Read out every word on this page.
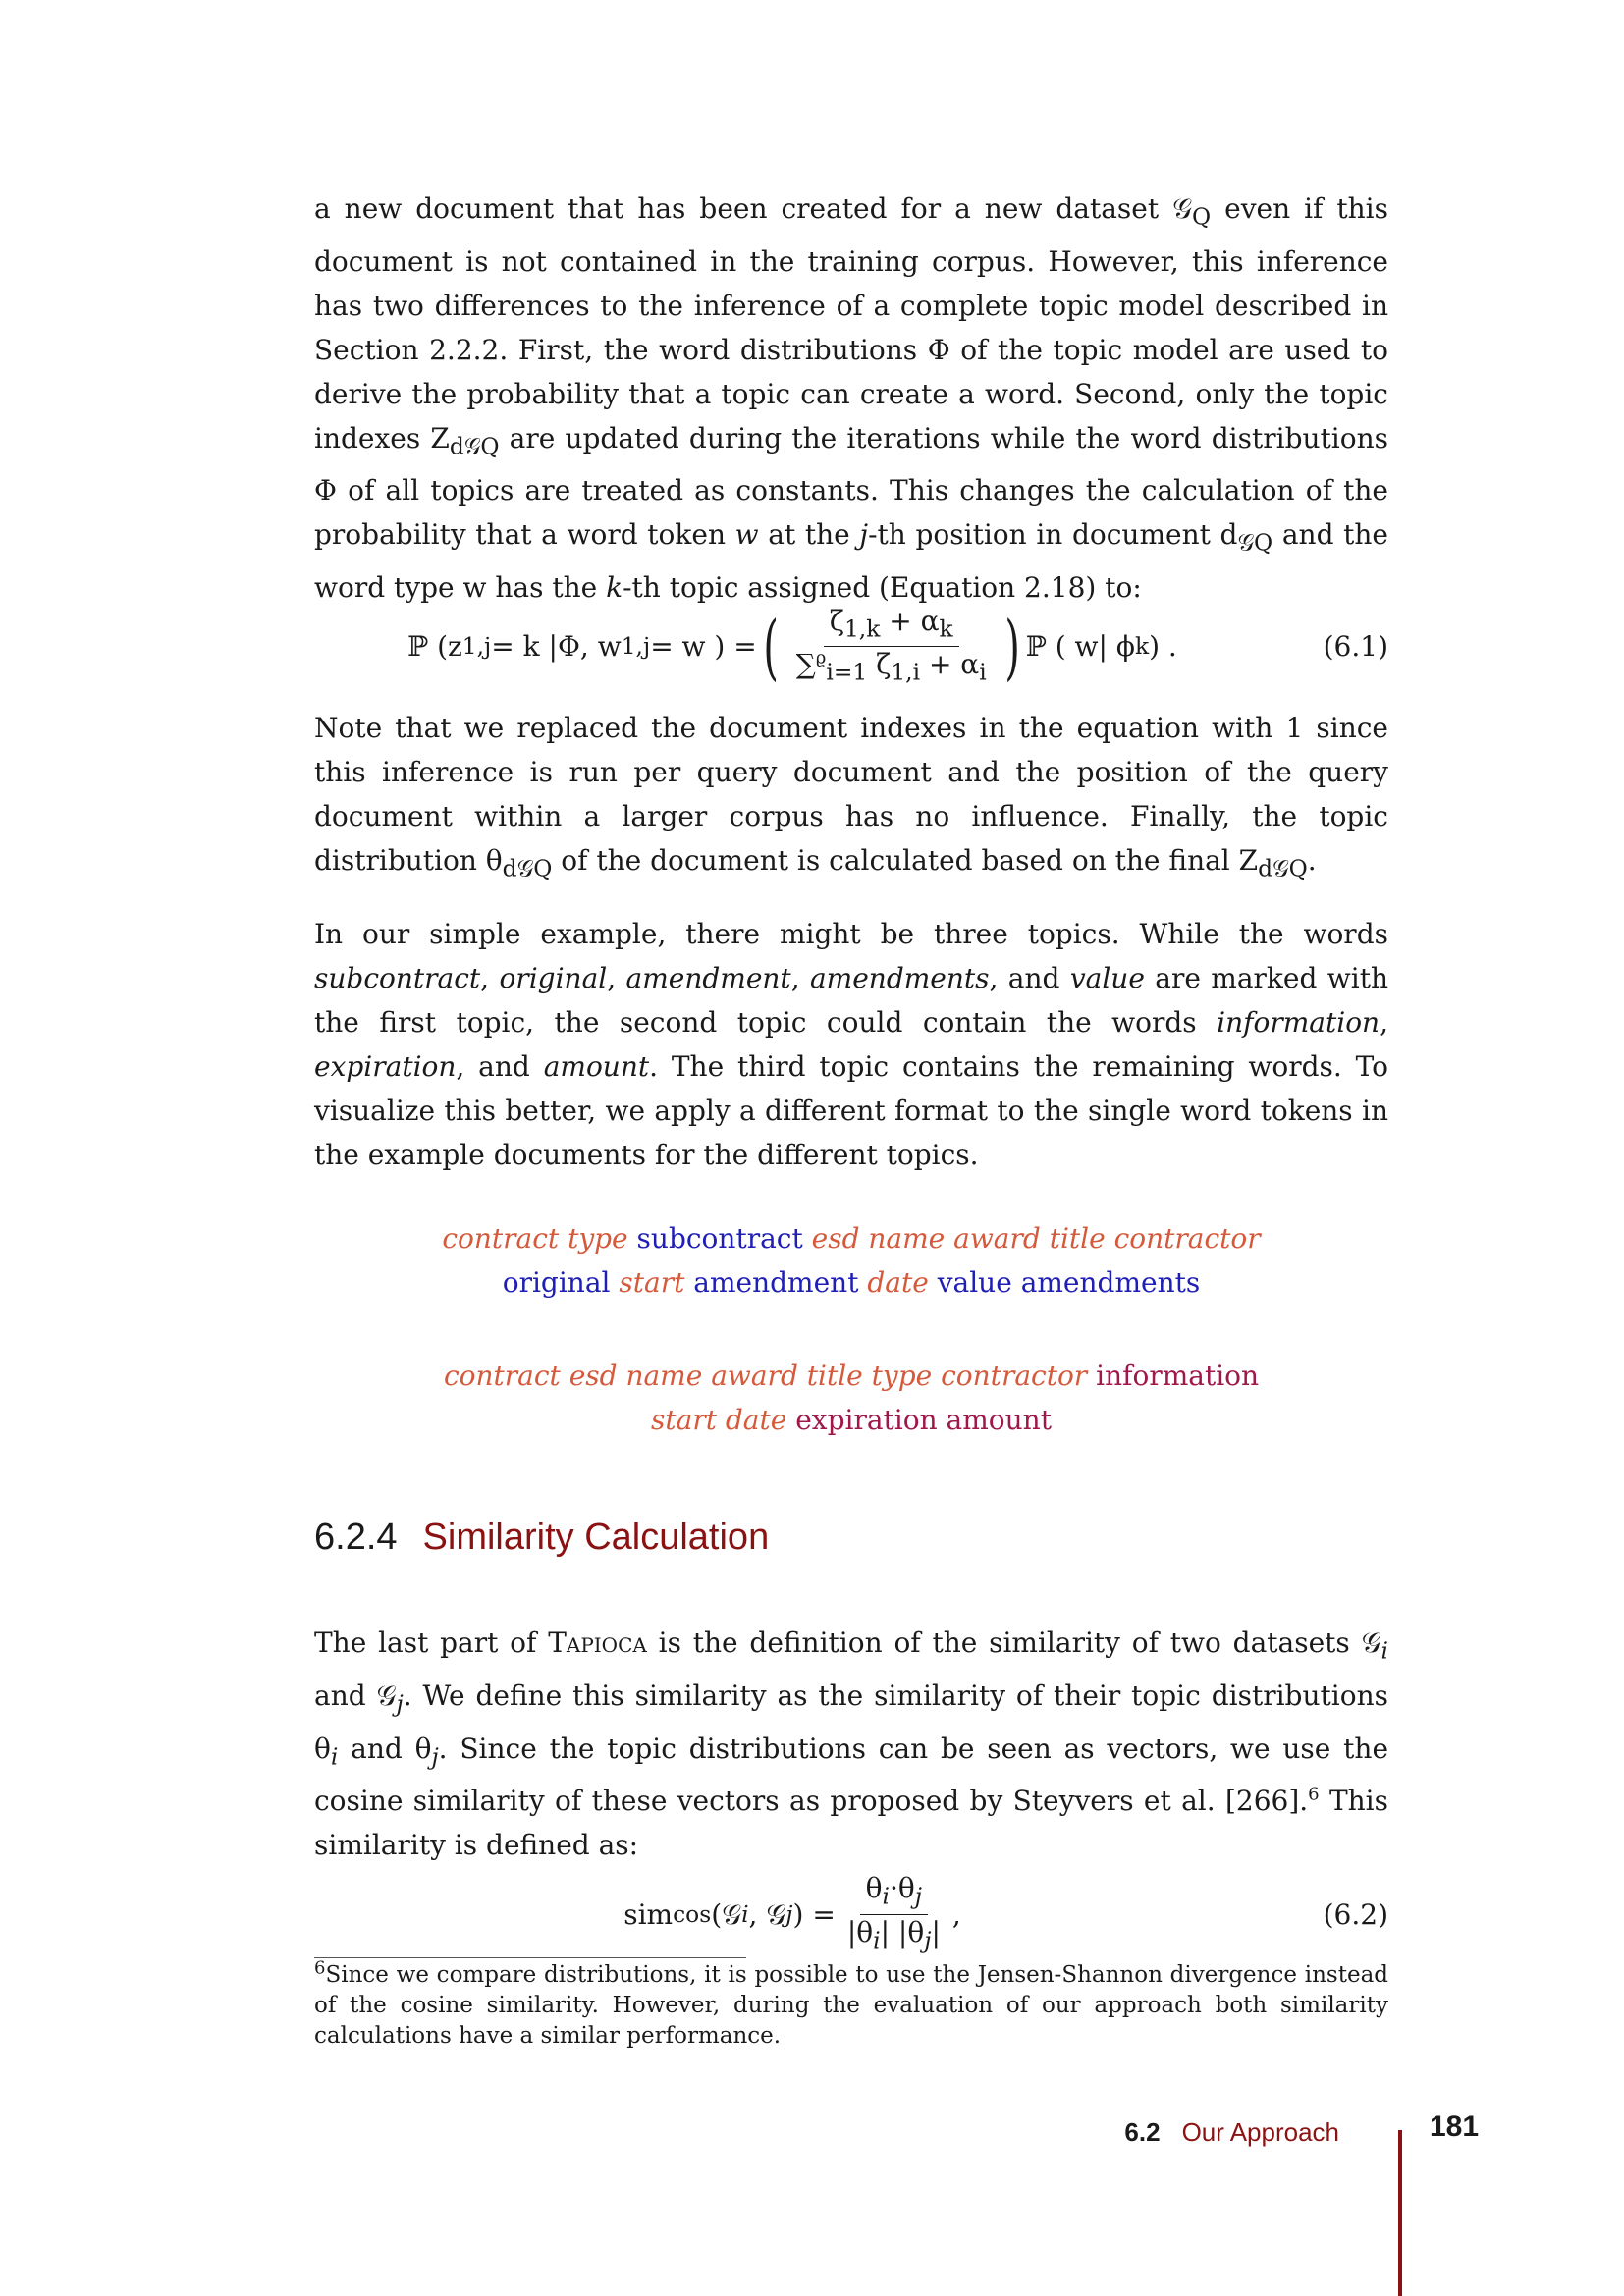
a new document that has been created for a new dataset 𝒢$_Q$ even if this document is not contained in the training corpus. However, this inference has two differences to the inference of a complete topic model described in Section 2.2.2. First, the word distributions Φ of the topic model are used to derive the probability that a topic can create a word. Second, only the topic indexes $Z_{d𝒢Q}$ are updated during the iterations while the word distributions Φ of all topics are treated as constants. This changes the calculation of the probability that a word token w at the j-th position in document $d_{𝒢Q}$ and the word type w has the k-th topic assigned (Equation 2.18) to:

ℙ (z 1,j = k |Φ, w 1,j = w ) = ( $\frac{\zeta_{1,k} + \alpha_k}{\sum^ϱ_{i=1} \zeta_{1,i} + \alpha_i}$ ) ℙ ( w| ϕ k ) .	(6.1)

Note that we replaced the document indexes in the equation with 1 since this inference is run per query document and the position of the query document within a larger corpus has no influence. Finally, the topic distribution $\theta_{d𝒢Q}$ of the document is calculated based on the final $Z_{d𝒢Q}$.

In our simple example, there might be three topics. While the words subcontract, original, amendment, amendments, and value are marked with the first topic, the second topic could contain the words information, expiration, and amount. The third topic contains the remaining words. To visualize this better, we apply a different format to the single word tokens in the example documents for the different topics.

contract type subcontract esd name award title contractor
original start amendment date value amendments
contract esd name award title type contractor information
start date expiration amount
6.2.4 Similarity Calculation

The last part of Tapioca is the definition of the similarity of two datasets 𝒢$_i$ and 𝒢$_j$. We define this similarity as the similarity of their topic distributions $\theta_i$ and $\theta_j$. Since the topic distributions can be seen as vectors, we use the cosine similarity of these vectors as proposed by Steyvers et al. [266].$^6$ This similarity is defined as:

sim cos (𝒢 i , 𝒢 j ) = $\frac{\theta_i\cdot\theta_j}{|\theta_i| |\theta_j|}$ ,	(6.2)
$^6$Since we compare distributions, it is possible to use the Jensen-Shannon divergence instead of the cosine similarity. However, during the evaluation of our approach both similarity calculations have a similar performance.
6.2 Our Approach	181
